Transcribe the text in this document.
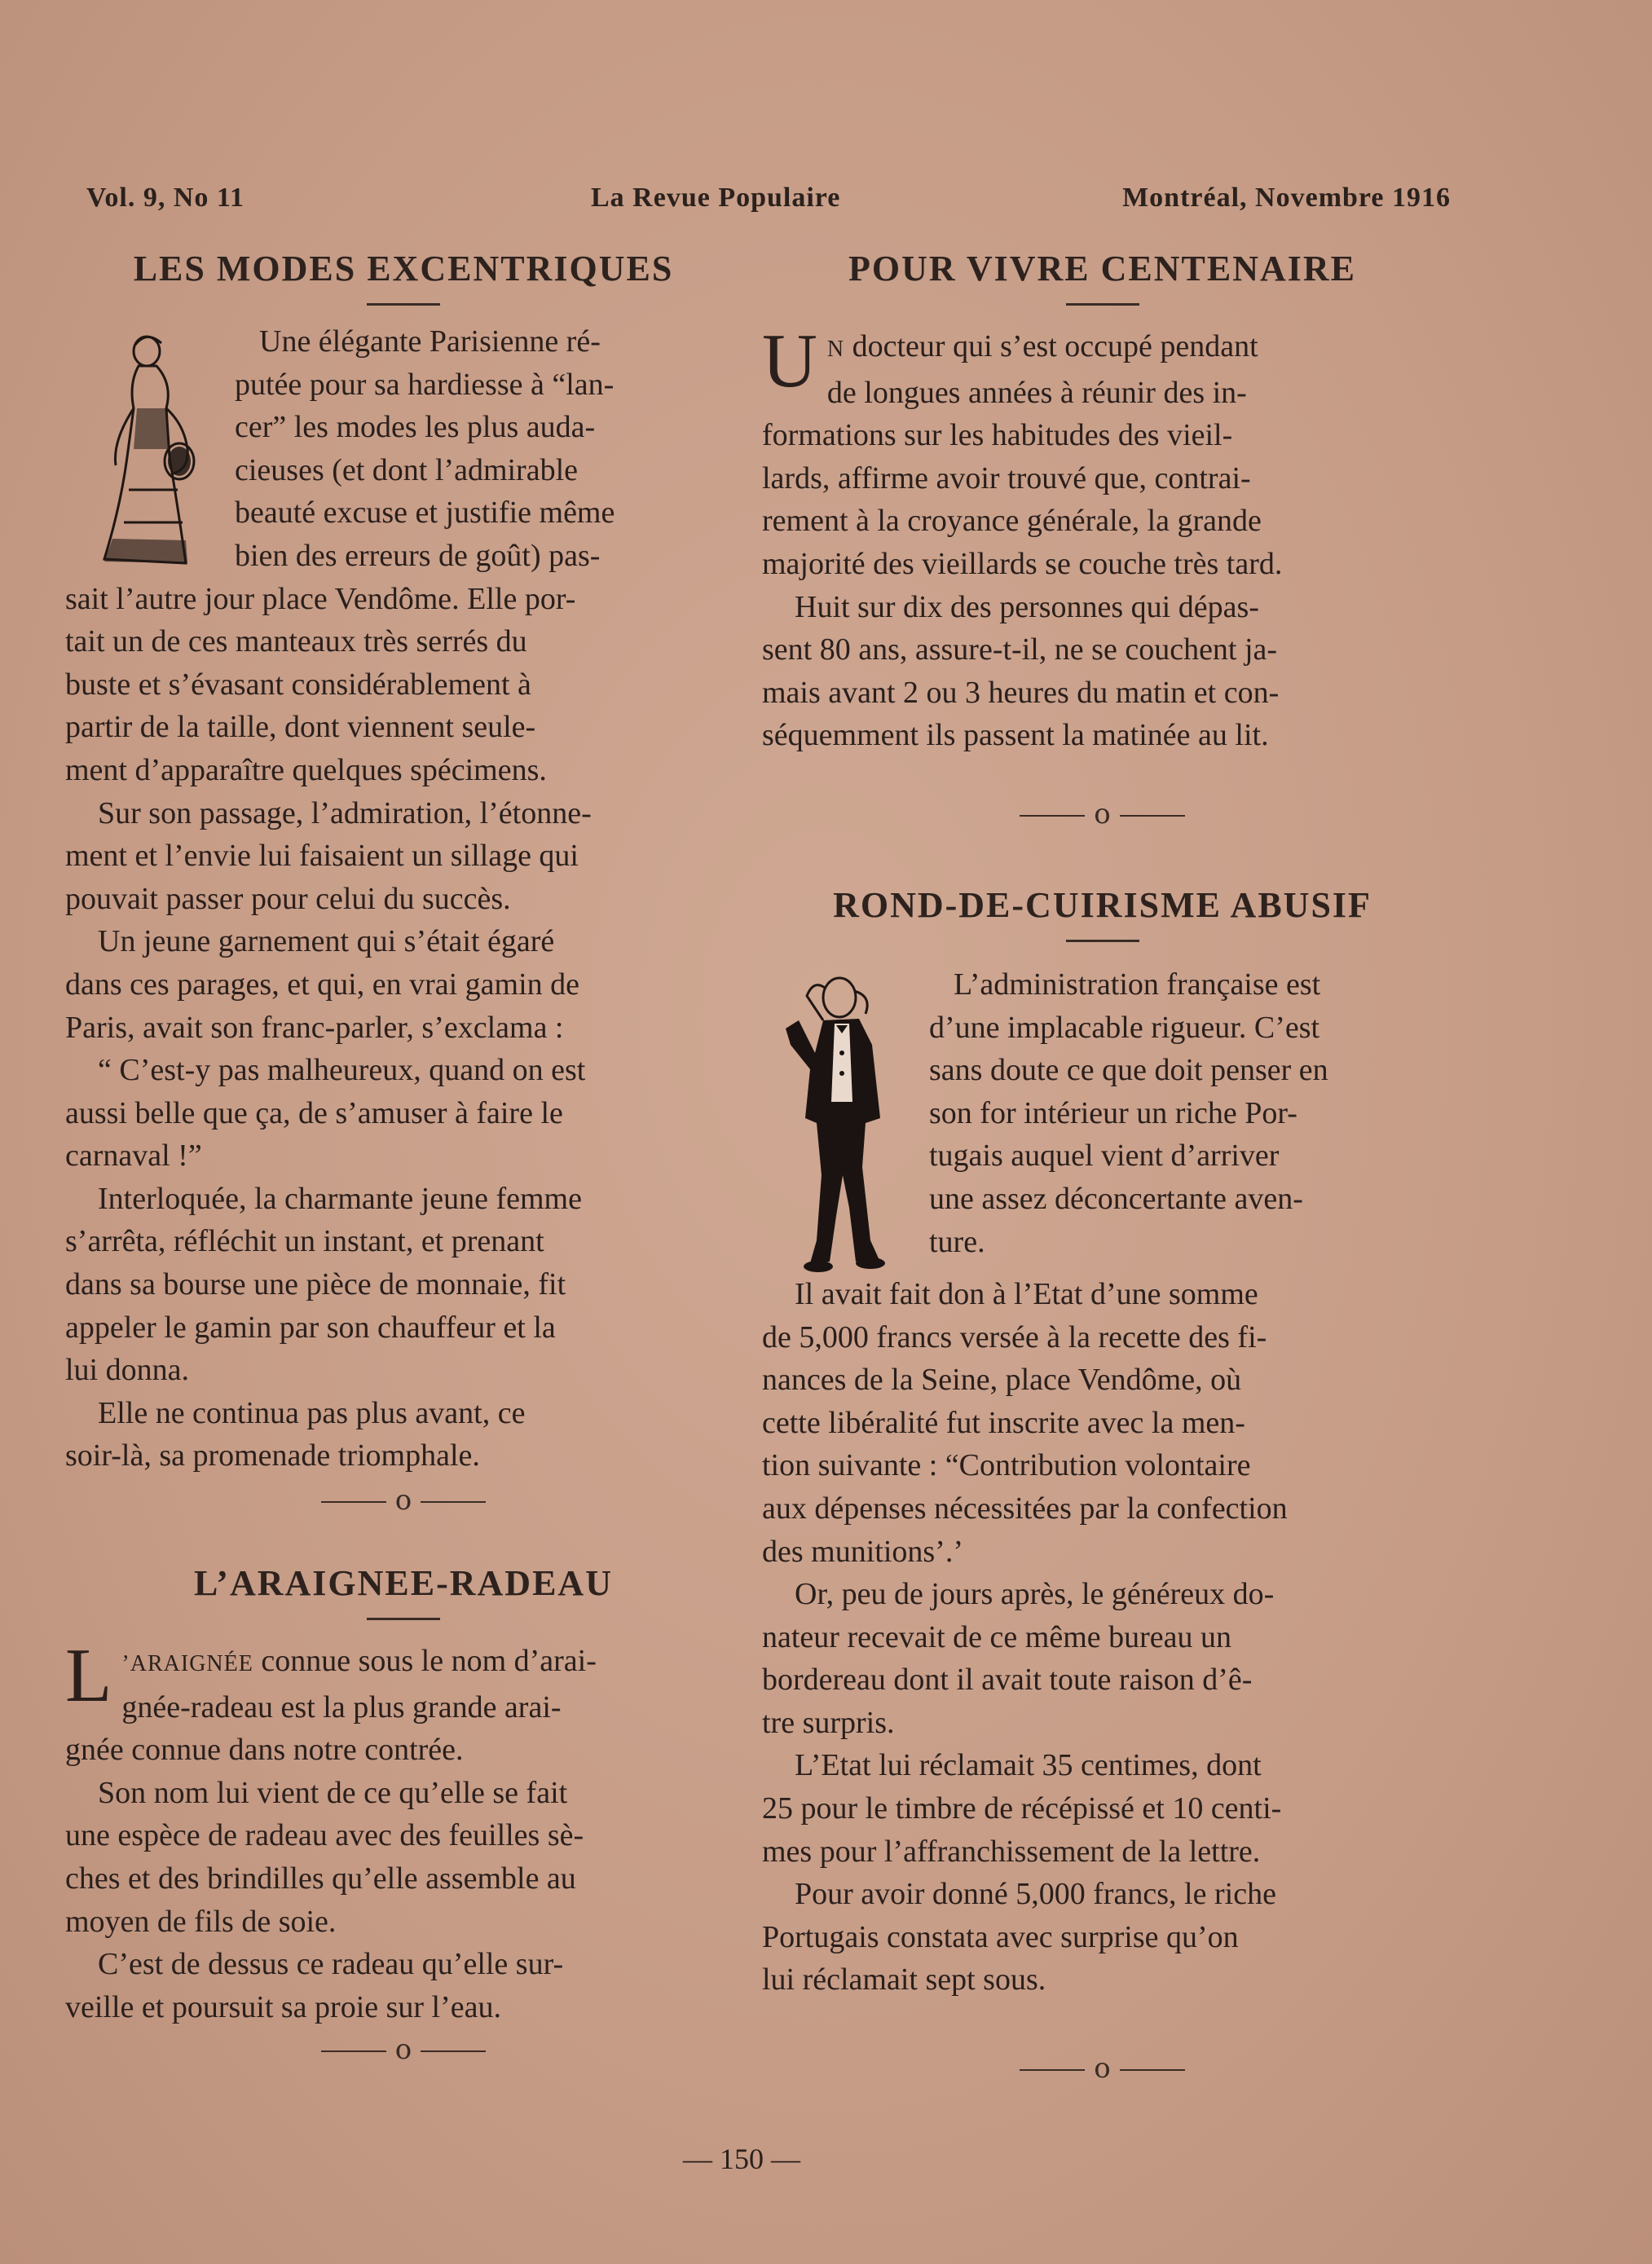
Vol. 9, No 11	La Revue Populaire	Montréal, Novembre 1916
LES MODES EXCENTRIQUES

Une élégante Parisienne ré-
putée pour sa hardiesse à “lan-
cer” les modes les plus auda-
cieuses (et dont l’admirable
beauté excuse et justifie même
bien des erreurs de goût) pas-

sait l’autre jour place Vendôme. Elle por-
tait un de ces manteaux très serrés du
buste et s’évasant considérablement à
partir de la taille, dont viennent seule-
ment d’apparaître quelques spécimens.

Sur son passage, l’admiration, l’étonne-
ment et l’envie lui faisaient un sillage qui
pouvait passer pour celui du succès.

Un jeune garnement qui s’était égaré
dans ces parages, et qui, en vrai gamin de
Paris, avait son franc-parler, s’exclama :

“ C’est-y pas malheureux, quand on est
aussi belle que ça, de s’amuser à faire le
carnaval !”

Interloquée, la charmante jeune femme
s’arrêta, réfléchit un instant, et prenant
dans sa bourse une pièce de monnaie, fit
appeler le gamin par son chauffeur et la
lui donna.

Elle ne continua pas plus avant, ce
soir-là, sa promenade triomphale.

o
L’ARAIGNEE-RADEAU

L ’ARAIGNÉE connue sous le nom d’arai-
gnée-radeau est la plus grande arai-
gnée connue dans notre contrée.

Son nom lui vient de ce qu’elle se fait
une espèce de radeau avec des feuilles sè-
ches et des brindilles qu’elle assemble au
moyen de fils de soie.

C’est de dessus ce radeau qu’elle sur-
veille et poursuit sa proie sur l’eau.

o
POUR VIVRE CENTENAIRE

U N docteur qui s’est occupé pendant
de longues années à réunir des in-
formations sur les habitudes des vieil-
lards, affirme avoir trouvé que, contrai-
rement à la croyance générale, la grande
majorité des vieillards se couche très tard.

Huit sur dix des personnes qui dépas-
sent 80 ans, assure-t-il, ne se couchent ja-
mais avant 2 ou 3 heures du matin et con-
séquemment ils passent la matinée au lit.

o
ROND-DE-CUIRISME ABUSIF

L’administration française est
d’une implacable rigueur. C’est
sans doute ce que doit penser en
son for intérieur un riche Por-
tugais auquel vient d’arriver
une assez déconcertante aven-
ture.

Il avait fait don à l’Etat d’une somme
de 5,000 francs versée à la recette des fi-
nances de la Seine, place Vendôme, où
cette libéralité fut inscrite avec la men-
tion suivante : “Contribution volontaire
aux dépenses nécessitées par la confection
des munitions’.’

Or, peu de jours après, le généreux do-
nateur recevait de ce même bureau un
bordereau dont il avait toute raison d’ê-
tre surpris.

L’Etat lui réclamait 35 centimes, dont
25 pour le timbre de récépissé et 10 centi-
mes pour l’affranchissement de la lettre.

Pour avoir donné 5,000 francs, le riche
Portugais constata avec surprise qu’on
lui réclamait sept sous.

o
— 150 —
